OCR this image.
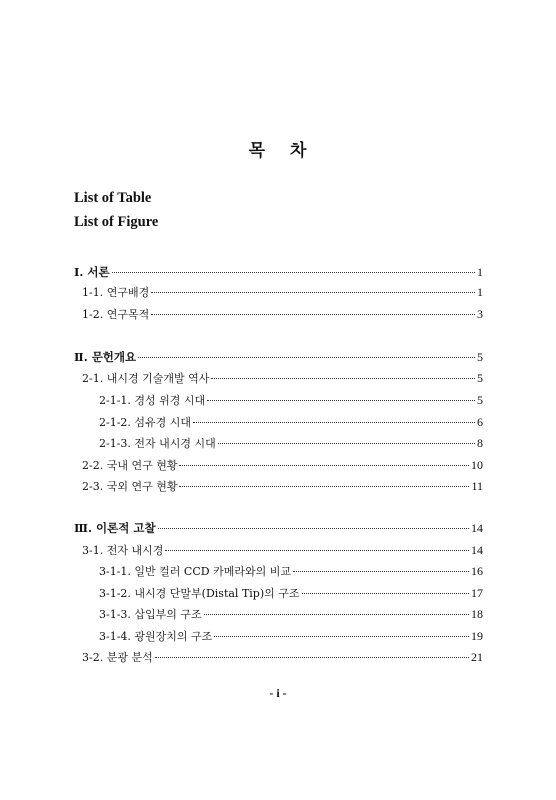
목 차
List of Table
List of Figure
Ⅰ. 서론	1
1-1. 연구배경	1
1-2. 연구목적	3
Ⅱ. 문헌개요	5
2-1. 내시경 기술개발 역사	5
2-1-1. 경성 위경 시대	5
2-1-2. 섬유경 시대	6
2-1-3. 전자 내시경 시대	8
2-2. 국내 연구 현황	10
2-3. 국외 연구 현황	11
Ⅲ. 이론적 고찰	14
3-1. 전자 내시경	14
3-1-1. 일반 컬러 CCD 카메라와의 비교	16
3-1-2. 내시경 단말부(Distal Tip)의 구조	17
3-1-3. 삽입부의 구조	18
3-1-4. 광원장치의 구조	19
3-2. 분광 분석	21
- i -
